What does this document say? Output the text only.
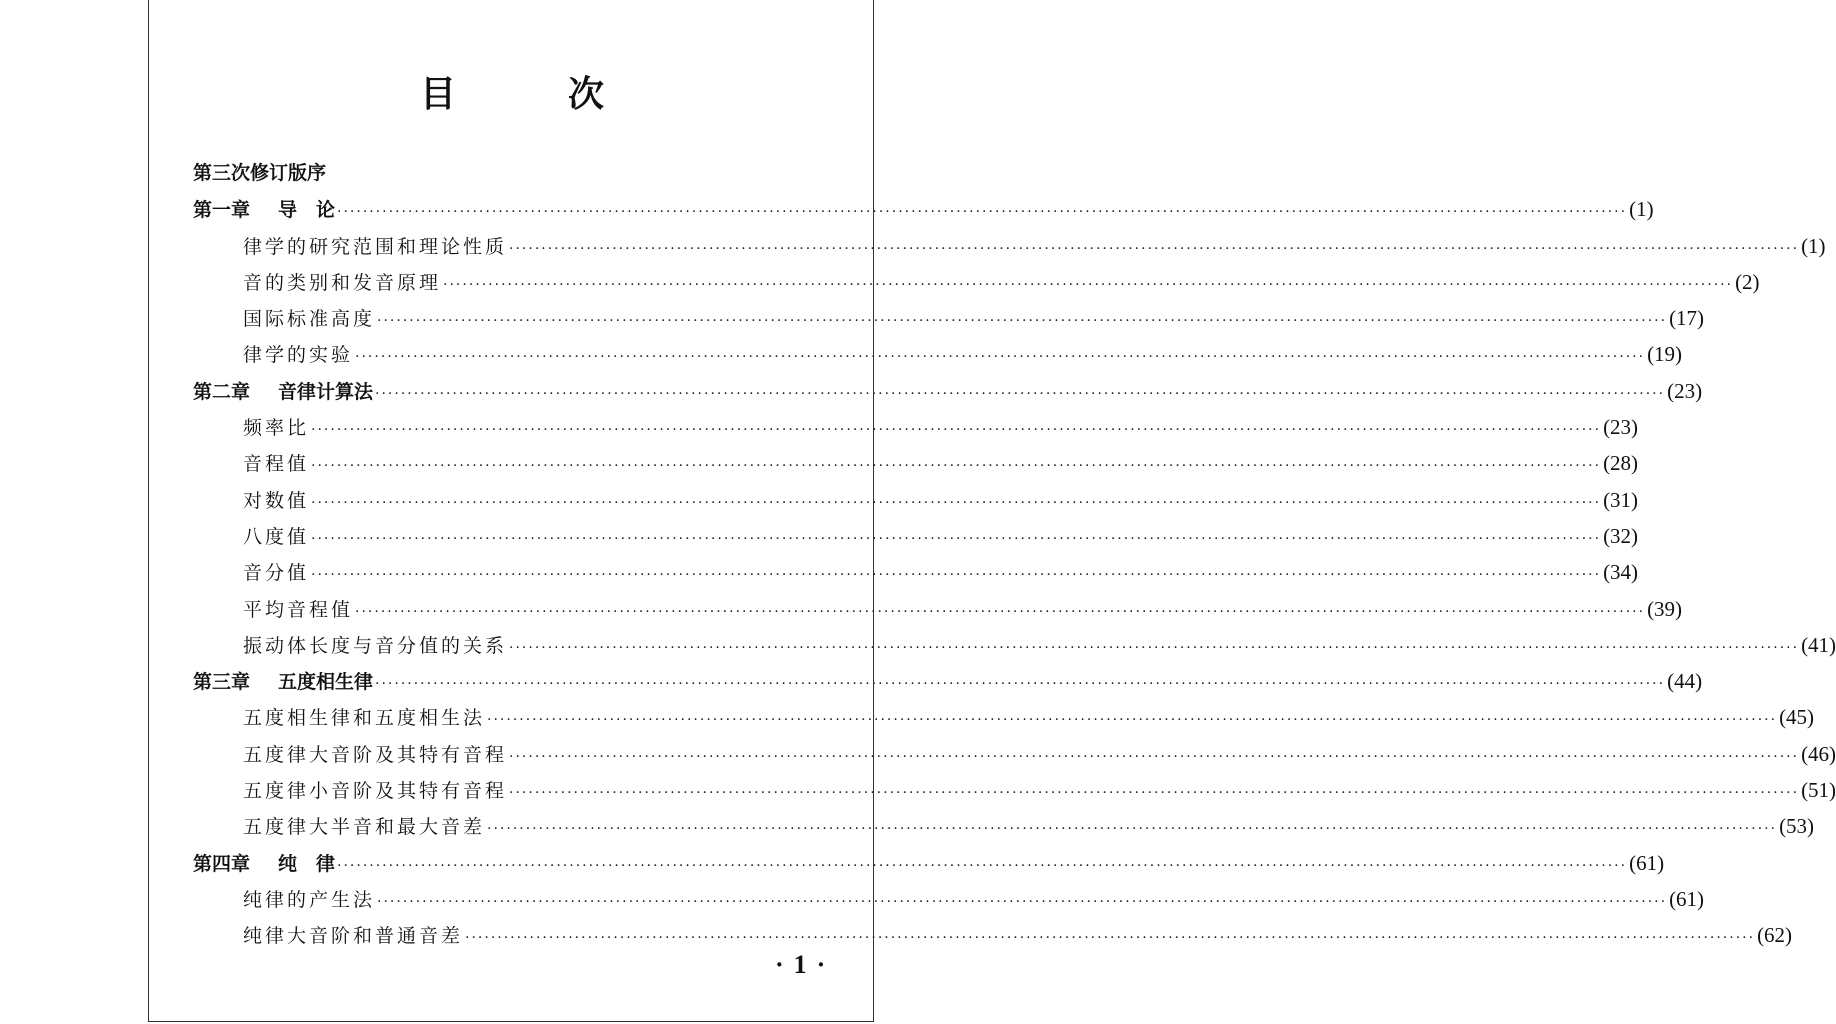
目	次
第三次修订版序
第一章 导　论 ········································································································································································································ (1)
律学的研究范围和理论性质 ········································································································································································································ (1)
音的类别和发音原理 ········································································································································································································ (2)
国际标准高度 ········································································································································································································ (17)
律学的实验 ········································································································································································································ (19)
第二章 音律计算法 ········································································································································································································ (23)
频率比 ········································································································································································································ (23)
音程值 ········································································································································································································ (28)
对数值 ········································································································································································································ (31)
八度值 ········································································································································································································ (32)
音分值 ········································································································································································································ (34)
平均音程值 ········································································································································································································ (39)
振动体长度与音分值的关系 ········································································································································································································ (41)
第三章 五度相生律 ········································································································································································································ (44)
五度相生律和五度相生法 ········································································································································································································ (45)
五度律大音阶及其特有音程 ········································································································································································································ (46)
五度律小音阶及其特有音程 ········································································································································································································ (51)
五度律大半音和最大音差 ········································································································································································································ (53)
第四章 纯　律 ········································································································································································································ (61)
纯律的产生法 ········································································································································································································ (61)
纯律大音阶和普通音差 ········································································································································································································ (62)
·1·
